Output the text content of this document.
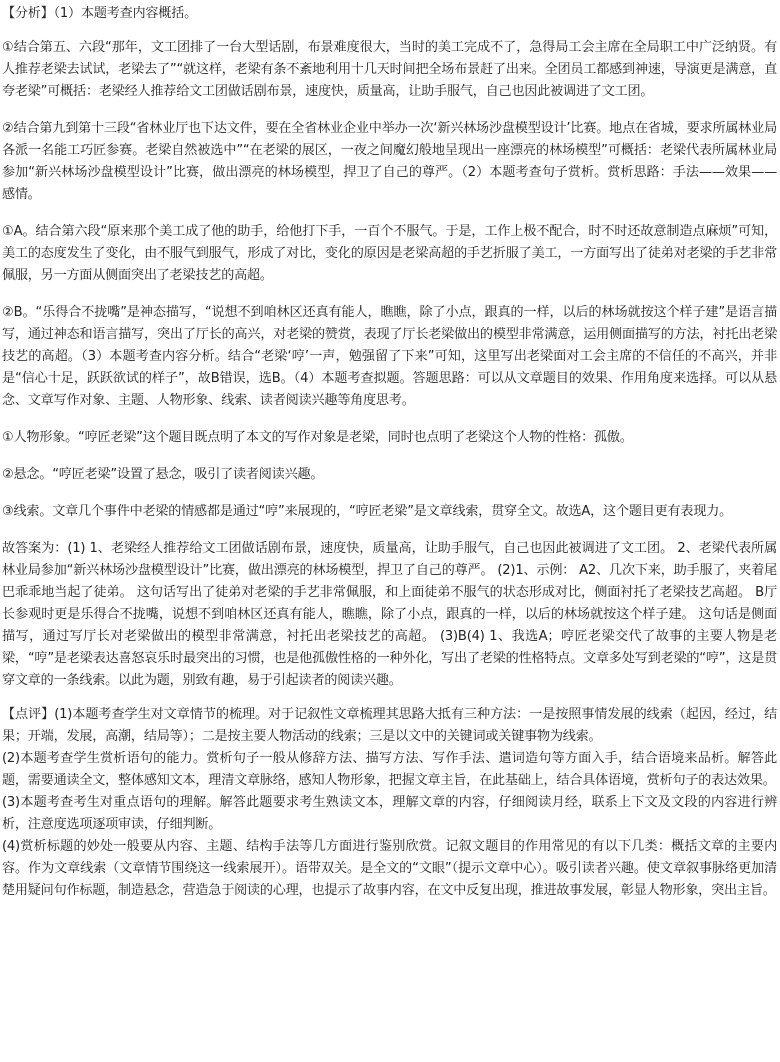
【分析】（1）本题考查内容概括。

①结合第五、六段“那年，文工团排了一台大型话剧，布景难度很大，当时的美工完成不了，急得局工会主席在全局职工中广泛纳贤。有人推荐老梁去试试，老梁去了”“就这样，老梁有条不紊地利用十几天时间把全场布景赶了出来。全团员工都感到神速，导演更是满意，直夸老梁”可概括：老梁经人推荐给文工团做话剧布景，速度快，质量高，让助手服气，自己也因此被调进了文工团。

②结合第九到第十三段“省林业厅也下达文件，要在全省林业企业中举办一次‘新兴林场沙盘模型设计’比赛。地点在省城，要求所属林业局各派一名能工巧匠参赛。老梁自然被选中”“在老梁的展区，一夜之间魔幻般地呈现出一座漂亮的林场模型”可概括：老梁代表所属林业局参加“新兴林场沙盘模型设计”比赛，做出漂亮的林场模型，捍卫了自己的尊严。（2）本题考查句子赏析。赏析思路：手法——效果——感情。

①A。结合第六段“原来那个美工成了他的助手，给他打下手，一百个不服气。于是，工作上极不配合，时不时还故意制造点麻烦”可知，美工的态度发生了变化，由不服气到服气，形成了对比，变化的原因是老梁高超的手艺折服了美工，一方面写出了徒弟对老梁的手艺非常佩服，另一方面从侧面突出了老梁技艺的高超。

②B。“乐得合不拢嘴”是神态描写，“说想不到咱林区还真有能人，瞧瞧，除了小点，跟真的一样，以后的林场就按这个样子建”是语言描写，通过神态和语言描写，突出了厅长的高兴，对老梁的赞赏，表现了厅长老梁做出的模型非常满意，运用侧面描写的方法，衬托出老梁技艺的高超。（3）本题考查内容分析。结合“老梁‘哼’一声，勉强留了下来”可知，这里写出老梁面对工会主席的不信任的不高兴，并非是“信心十足，跃跃欲试的样子”，故B错误，选B。（4）本题考查拟题。答题思路：可以从文章题目的效果、作用角度来选择。可以从悬念、文章写作对象、主题、人物形象、线索、读者阅读兴趣等角度思考。

①人物形象。“哼匠老梁”这个题目既点明了本文的写作对象是老梁，同时也点明了老梁这个人物的性格：孤傲。

②悬念。“哼匠老梁”设置了悬念，吸引了读者阅读兴趣。

③线索。文章几个事件中老梁的情感都是通过“哼”来展现的，“哼匠老梁”是文章线索，贯穿全文。故选A，这个题目更有表现力。

故答案为：(1) 1、老梁经人推荐给文工团做话剧布景，速度快，质量高，让助手服气，自己也因此被调进了文工团。 2、老梁代表所属林业局参加“新兴林场沙盘模型设计”比赛，做出漂亮的林场模型，捍卫了自己的尊严。 (2)1、示例： A2、几次下来，助手服了，夹着尾巴乖乖地当起了徒弟。 这句话写出了徒弟对老梁的手艺非常佩服，和上面徒弟不服气的状态形成对比，侧面衬托了老梁技艺高超。 B厅长参观时更是乐得合不拢嘴，说想不到咱林区还真有能人，瞧瞧，除了小点，跟真的一样，以后的林场就按这个样子建。 这句话是侧面描写，通过写厅长对老梁做出的模型非常满意，衬托出老梁技艺的高超。 (3)B(4) 1、我选A；哼匠老梁交代了故事的主要人物是老梁，“哼”是老梁表达喜怒哀乐时最突出的习惯，也是他孤傲性格的一种外化，写出了老梁的性格特点。文章多处写到老梁的“哼”，这是贯穿文章的一条线索。以此为题，别致有趣，易于引起读者的阅读兴趣。

【点评】(1)本题考查学生对文章情节的梳理。对于记叙性文章梳理其思路大抵有三种方法：一是按照事情发展的线索（起因，经过，结果；开端，发展，高潮，结局等）；二是按主要人物活动的线索；三是以文中的关键词或关键事物为线索。

(2)本题考查学生赏析语句的能力。赏析句子一般从修辞方法、描写方法、写作手法、遣词造句等方面入手，结合语境来品析。解答此题，需要通读全文，整体感知文本，理清文章脉络，感知人物形象，把握文章主旨，在此基础上，结合具体语境，赏析句子的表达效果。

(3)本题考查考生对重点语句的理解。解答此题要求考生熟读文本，理解文章的内容，仔细阅读月经，联系上下文及文段的内容进行辨析，注意度选项逐项审读，仔细判断。

(4)赏析标题的妙处一般要从内容、主题、结构手法等几方面进行鉴别欣赏。记叙文题目的作用常见的有以下几类：概括文章的主要内容。作为文章线索（文章情节围绕这一线索展开）。语带双关。是全文的“文眼”（提示文章中心）。吸引读者兴趣。使文章叙事脉络更加清楚用疑问句作标题，制造悬念，营造急于阅读的心理，也提示了故事内容，在文中反复出现，推进故事发展，彰显人物形象，突出主旨。
